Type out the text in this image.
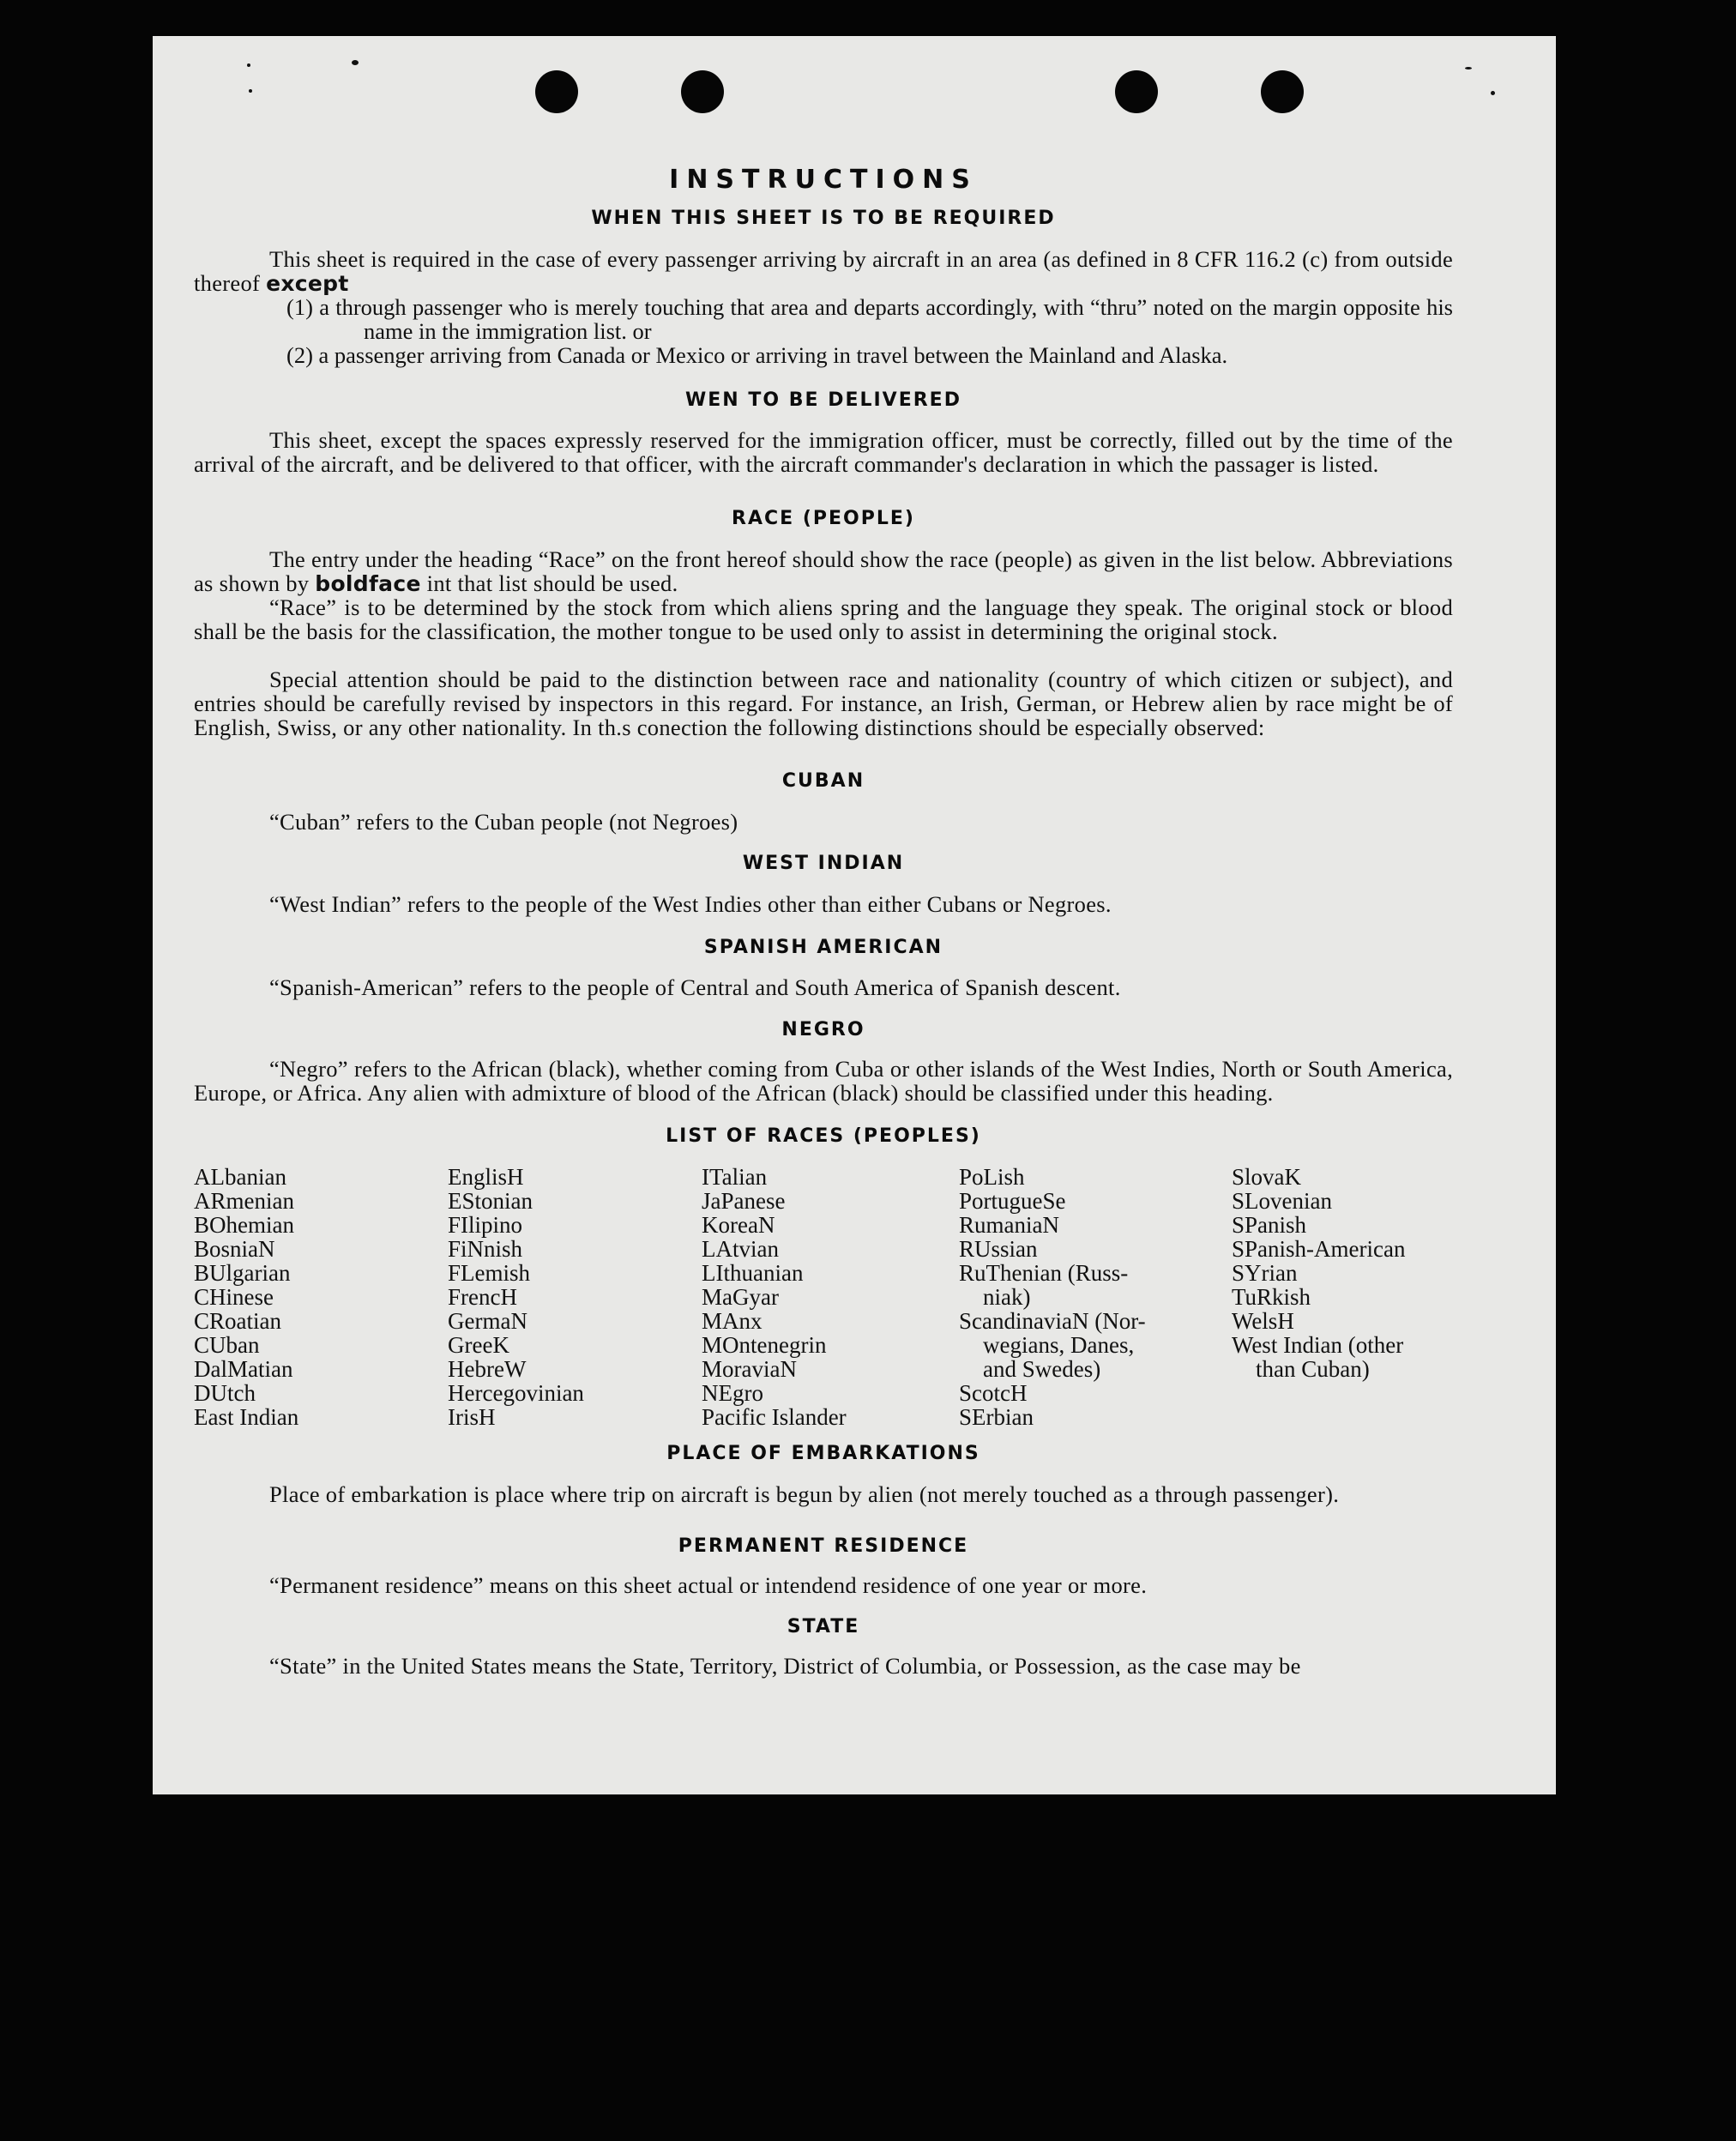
INSTRUCTIONS
WHEN THIS SHEET IS TO BE REQUIRED
This sheet is required in the case of every passenger arriving by aircraft in an area (as defined in 8 CFR 116.2 (c) from outside thereof except
(1) a through passenger who is merely touching that area and departs accordingly, with “thru” noted on the margin opposite his name in the immigration list. or
(2) a passenger arriving from Canada or Mexico or arriving in travel between the Mainland and Alaska.
WEN TO BE DELIVERED
This sheet, except the spaces expressly reserved for the immigration officer, must be correctly, filled out by the time of the arrival of the aircraft, and be delivered to that officer, with the aircraft commander's declaration in which the passager is listed.
RACE (PEOPLE)
The entry under the heading “Race” on the front hereof should show the race (people) as given in the list below. Abbreviations as shown by boldface int that list should be used.
“Race” is to be determined by the stock from which aliens spring and the language they speak. The original stock or blood shall be the basis for the classification, the mother tongue to be used only to assist in determining the original stock.
Special attention should be paid to the distinction between race and nationality (country of which citizen or subject), and entries should be carefully revised by inspectors in this regard. For instance, an Irish, German, or Hebrew alien by race might be of English, Swiss, or any other nationality. In th.s conection the following distinctions should be especially observed:
CUBAN
“Cuban” refers to the Cuban people (not Negroes)
WEST INDIAN
“West Indian” refers to the people of the West Indies other than either Cubans or Negroes.
SPANISH AMERICAN
“Spanish-American” refers to the people of Central and South America of Spanish descent.
NEGRO
“Negro” refers to the African (black), whether coming from Cuba or other islands of the West Indies, North or South America, Europe, or Africa. Any alien with admixture of blood of the African (black) should be classified under this heading.
LIST OF RACES (PEOPLES)
ALbanian
ARmenian
BOhemian
BosniaN
BUlgarian
CHinese
CRoatian
CUban
DalMatian
DUtch
East Indian
EnglisH
EStonian
FIlipino
FiNnish
FLemish
FrencH
GermaN
GreeK
HebreW
Hercegovinian
IrisH
ITalian
JaPanese
KoreaN
LAtvian
LIthuanian
MaGyar
MAnx
MOntenegrin
MoraviaN
NEgro
Pacific Islander
PoLish
PortugueSe
RumaniaN
RUssian
RuThenian (Russ-
niak)
ScandinaviaN (Nor-
wegians, Danes,
and Swedes)
ScotcH
SErbian
SlovaK
SLovenian
SPanish
SPanish-American
SYrian
TuRkish
WelsH
West Indian (other
than Cuban)
PLACE OF EMBARKATIONS
Place of embarkation is place where trip on aircraft is begun by alien (not merely touched as a through passenger).
PERMANENT RESIDENCE
“Permanent residence” means on this sheet actual or intendend residence of one year or more.
STATE
“State” in the United States means the State, Territory, District of Columbia, or Possession, as the case may be
